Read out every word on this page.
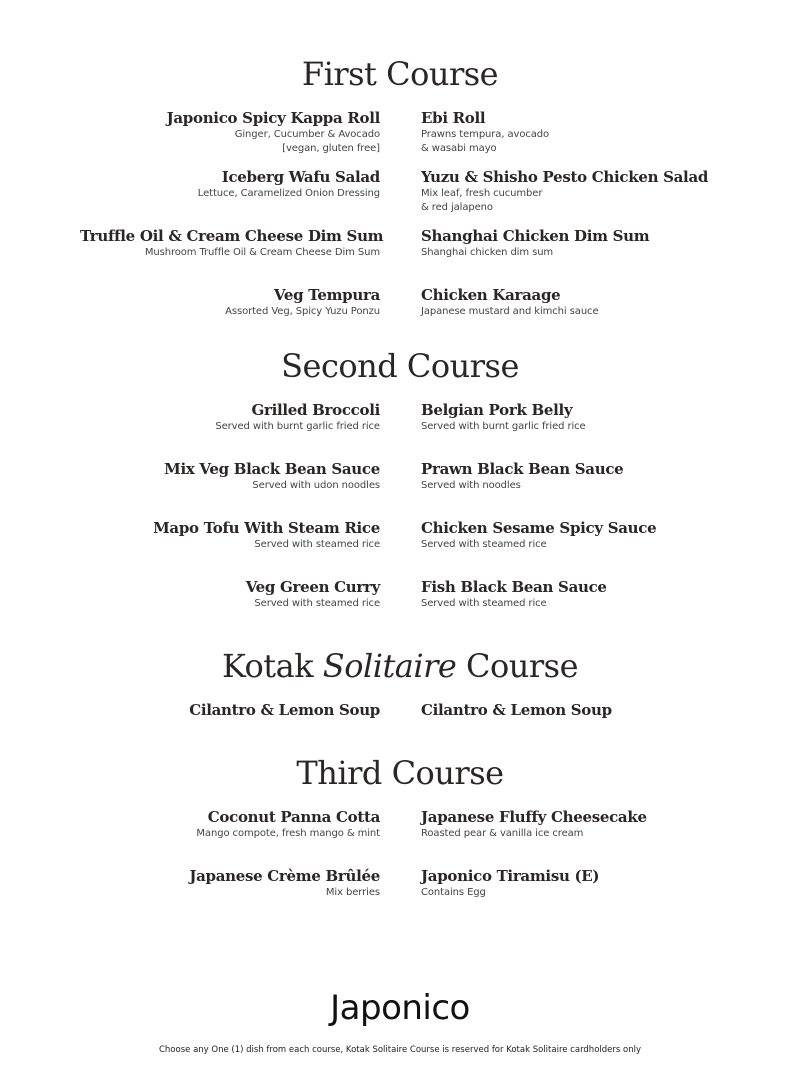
First Course
Japonico Spicy Kappa Roll
Ginger, Cucumber & Avocado
[vegan, gluten free]
Ebi Roll
Prawns tempura, avocado
& wasabi mayo
Iceberg Wafu Salad
Lettuce, Caramelized Onion Dressing
Yuzu & Shisho Pesto Chicken Salad
Mix leaf, fresh cucumber
& red jalapeno
Truffle Oil & Cream Cheese Dim Sum
Mushroom Truffle Oil & Cream Cheese Dim Sum
Shanghai Chicken Dim Sum
Shanghai chicken dim sum
Veg Tempura
Assorted Veg, Spicy Yuzu Ponzu
Chicken Karaage
Japanese mustard and kimchi sauce
Second Course
Grilled Broccoli
Served with burnt garlic fried rice
Belgian Pork Belly
Served with burnt garlic fried rice
Mix Veg Black Bean Sauce
Served with udon noodles
Prawn Black Bean Sauce
Served with noodles
Mapo Tofu With Steam Rice
Served with steamed rice
Chicken Sesame Spicy Sauce
Served with steamed rice
Veg Green Curry
Served with steamed rice
Fish Black Bean Sauce
Served with steamed rice
Kotak Solitaire Course
Cilantro & Lemon Soup	Cilantro & Lemon Soup
Third Course
Coconut Panna Cotta
Mango compote, fresh mango & mint
Japanese Fluffy Cheesecake
Roasted pear & vanilla ice cream
Japanese Crème Brûlée
Mix berries
Japonico Tiramisu (E)
Contains Egg
Japonico
Choose any One (1) dish from each course, Kotak Solitaire Course is reserved for Kotak Solitaire cardholders only
